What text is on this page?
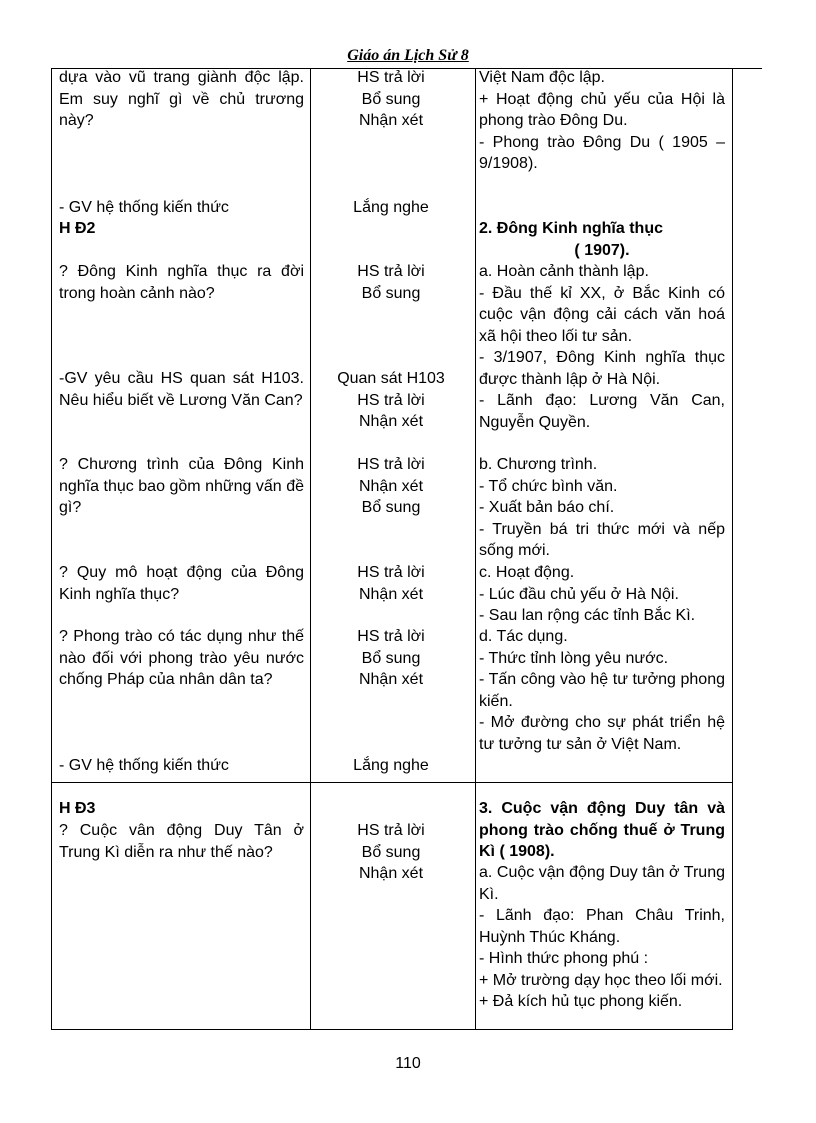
Giáo án Lịch Sử 8
dựa vào vũ trang giành độc lập. Em suy nghĩ gì về chủ trương này?
- GV hệ thống kiến thức
H Đ2
? Đông Kinh nghĩa thục ra đời trong hoàn cảnh nào?
-GV yêu cầu HS quan sát H103. Nêu hiểu biết về Lương Văn Can?
? Chương trình của Đông Kinh nghĩa thục bao gồm những vấn đề gì?
? Quy mô hoạt động của Đông Kinh nghĩa thục?
? Phong trào có tác dụng như thế nào đối với phong trào yêu nước chống Pháp của nhân dân ta?
- GV hệ thống kiến thức
H Đ3
? Cuộc vân động Duy Tân ở Trung Kì diễn ra như thế nào?
HS trả lời
Bổ sung
Nhận xét
Lắng nghe
HS trả lời
Bổ sung
Quan sát H103
HS trả lời
Nhận xét
HS trả lời
Nhận xét
Bổ sung
HS trả lời
Nhận xét
HS trả lời
Bổ sung
Nhận xét
Lắng nghe
HS trả lời
Bổ sung
Nhận xét
Việt Nam độc lập.
+ Hoạt động chủ yếu của Hội là phong trào Đông Du.
- Phong trào Đông Du ( 1905 – 9/1908).
2. Đông Kinh nghĩa thục
( 1907).
a. Hoàn cảnh thành lập.
- Đầu thế kỉ XX, ở Bắc Kinh có cuộc vận động cải cách văn hoá xã hội theo lối tư sản.
- 3/1907, Đông Kinh nghĩa thục được thành lập ở Hà Nội.
- Lãnh đạo: Lương Văn Can, Nguyễn Quyền.
b. Chương trình.
- Tổ chức bình văn.
- Xuất bản báo chí.
- Truyền bá tri thức mới và nếp sống mới.
c. Hoạt động.
- Lúc đầu chủ yếu ở Hà Nội.
- Sau lan rộng các tỉnh Bắc Kì.
d. Tác dụng.
- Thức tỉnh lòng yêu nước.
- Tấn công vào hệ tư tưởng phong kiến.
- Mở đường cho sự phát triển hệ tư tưởng tư sản ở Việt Nam.
3. Cuộc vận động Duy tân và phong trào chống thuế ở Trung Kì ( 1908).
a. Cuộc vận động Duy tân ở Trung Kì.
- Lãnh đạo: Phan Châu Trinh, Huỳnh Thúc Kháng.
- Hình thức phong phú :
+ Mở trường dạy học theo lối mới.
+ Đả kích hủ tục phong kiến.
110
